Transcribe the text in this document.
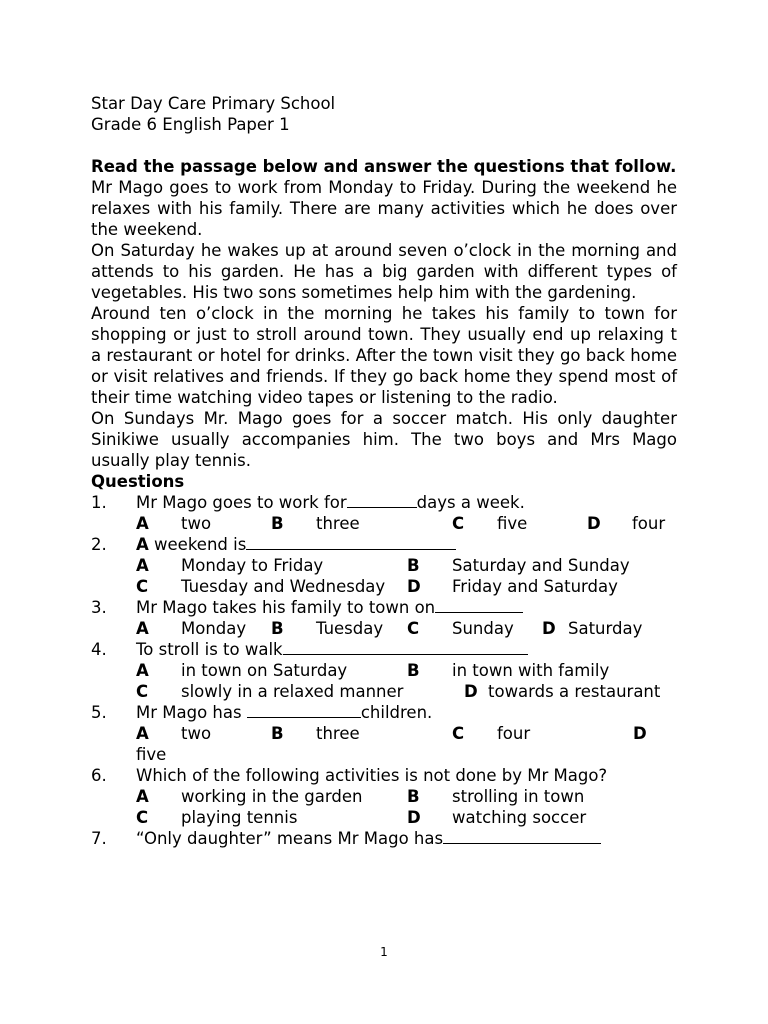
Star Day Care Primary School
Grade 6 English Paper 1
Read the passage below and answer the questions that follow.
Mr Mago goes to work from Monday to Friday. During the weekend he relaxes with his family. There are many activities which he does over the weekend.
On Saturday he wakes up at around seven o’clock in the morning and attends to his garden. He has a big garden with different types of vegetables. His two sons sometimes help him with the gardening.
Around ten o’clock in the morning he takes his family to town for shopping or just to stroll around town. They usually end up relaxing t a restaurant or hotel for drinks. After the town visit they go back home or visit relatives and friends. If they go back home they spend most of their time watching video tapes or listening to the radio.
On Sundays Mr. Mago goes for a soccer match. His only daughter Sinikiwe usually accompanies him. The two boys and Mrs Mago usually play tennis.
Questions
1. Mr Mago goes to work for	days a week.
A two	B three	C five	D four
2. A weekend is
A Monday to Friday	B Saturday and Sunday
C Tuesday and Wednesday D Friday and Saturday
3. Mr Mago takes his family to town on
A Monday B Tuesday C Sunday D Saturday
4. To stroll is to walk
A in town on Saturday	B in town with family
C slowly in a relaxed manner	D towards a restaurant
5. Mr Mago has	children.
A two	B three	C four	D
five
6. Which of the following activities is not done by Mr Mago?
A working in the garden	B strolling in town
C playing tennis	D watching soccer
7. “Only daughter” means Mr Mago has
1
